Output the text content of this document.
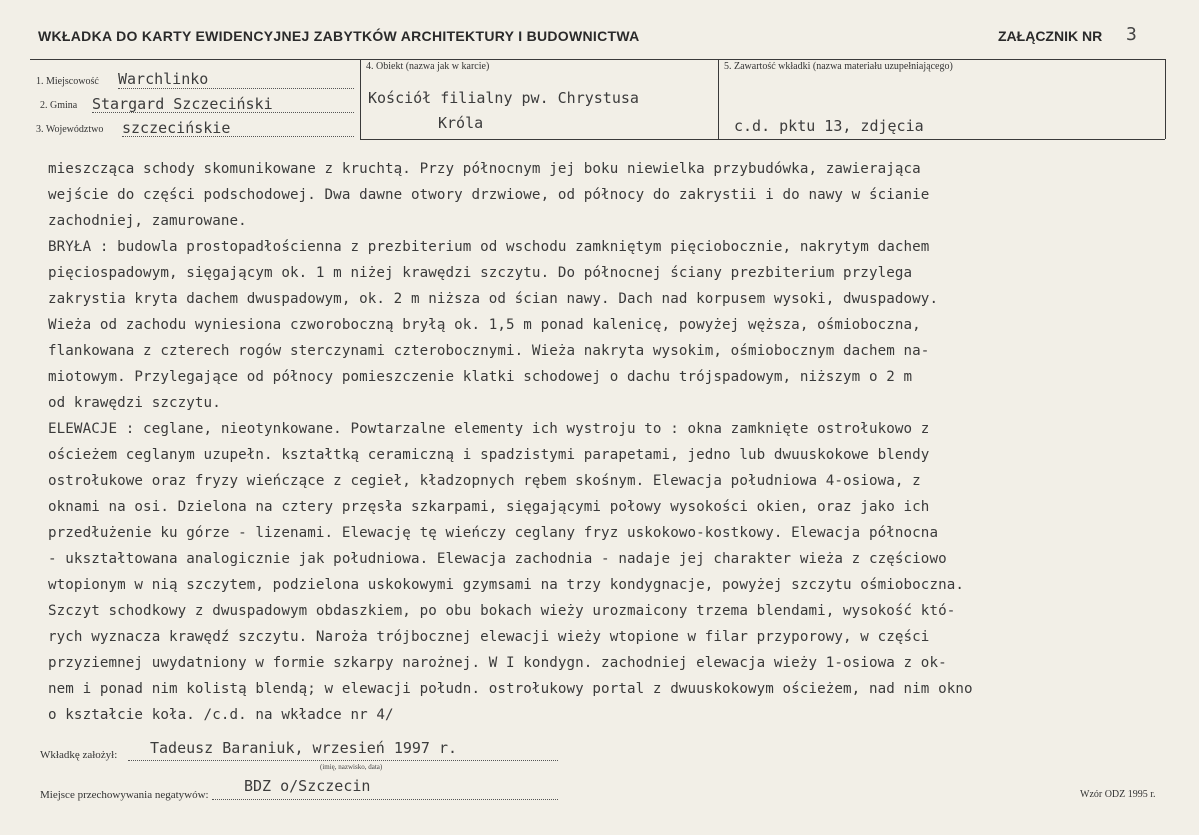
WKŁADKA DO KARTY EWIDENCYJNEJ ZABYTKÓW ARCHITEKTURY I BUDOWNICTWA	ZAŁĄCZNIK NR 3
1. Miejscowość Warchlinko
2. Gmina Stargard Szczeciński
3. Województwo szczecińskie
4. Obiekt (nazwa jak w karcie)
Kościół filialny pw. Chrystusa
Króla
5. Zawartość wkładki (nazwa materiału uzupełniającego)
c.d. pktu 13, zdjęcia
mieszcząca schody skomunikowane z kruchtą. Przy północnym jej boku niewielka przybudówka, zawierająca
wejście do części podschodowej. Dwa dawne otwory drzwiowe, od północy do zakrystii i do nawy w ścianie
zachodniej, zamurowane.
BRYŁA : budowla prostopadłościenna z prezbiterium od wschodu zamkniętym pięciobocznie, nakrytym dachem
pięciospadowym, sięgającym ok. 1 m niżej krawędzi szczytu. Do północnej ściany prezbiterium przylega
zakrystia kryta dachem dwuspadowym, ok. 2 m niższa od ścian nawy. Dach nad korpusem wysoki, dwuspadowy.
Wieża od zachodu wyniesiona czworoboczną bryłą ok. 1,5 m ponad kalenicę, powyżej węższa, ośmioboczna,
flankowana z czterech rogów sterczynami czterobocznymi. Wieża nakryta wysokim, ośmiobocznym dachem na-
miotowym. Przylegające od północy pomieszczenie klatki schodowej o dachu trójspadowym, niższym o 2 m
od krawędzi szczytu.
ELEWACJE : ceglane, nieotynkowane. Powtarzalne elementy ich wystroju to : okna zamknięte ostrołukowo z
ościeżem ceglanym uzupełn. kształtką ceramiczną i spadzistymi parapetami, jedno lub dwuuskokowe blendy
ostrołukowe oraz fryzy wieńczące z cegieł, kładzopnych rębem skośnym. Elewacja południowa 4-osiowa, z
oknami na osi. Dzielona na cztery przęsła szkarpami, sięgającymi połowy wysokości okien, oraz jako ich
przedłużenie ku górze - lizenami. Elewację tę wieńczy ceglany fryz uskokowo-kostkowy. Elewacja północna
- ukształtowana analogicznie jak południowa. Elewacja zachodnia - nadaje jej charakter wieża z częściowo
wtopionym w nią szczytem, podzielona uskokowymi gzymsami na trzy kondygnacje, powyżej szczytu ośmioboczna.
Szczyt schodkowy z dwuspadowym obdaszkiem, po obu bokach wieży urozmaicony trzema blendami, wysokość któ-
rych wyznacza krawędź szczytu. Naroża trójbocznej elewacji wieży wtopione w filar przyporowy, w części
przyziemnej uwydatniony w formie szkarpy narożnej. W I kondygn. zachodniej elewacja wieży 1-osiowa z ok-
nem i ponad nim kolistą blendą; w elewacji połudn. ostrołukowy portal z dwuuskokowym ościeżem, nad nim okno
o kształcie koła. /c.d. na wkładce nr 4/
Wkładkę założył: Tadeusz Baraniuk, wrzesień 1997 r.
(imię, nazwisko, data)
Miejsce przechowywania negatywów: BDZ o/Szczecin	Wzór ODZ 1995 r.
